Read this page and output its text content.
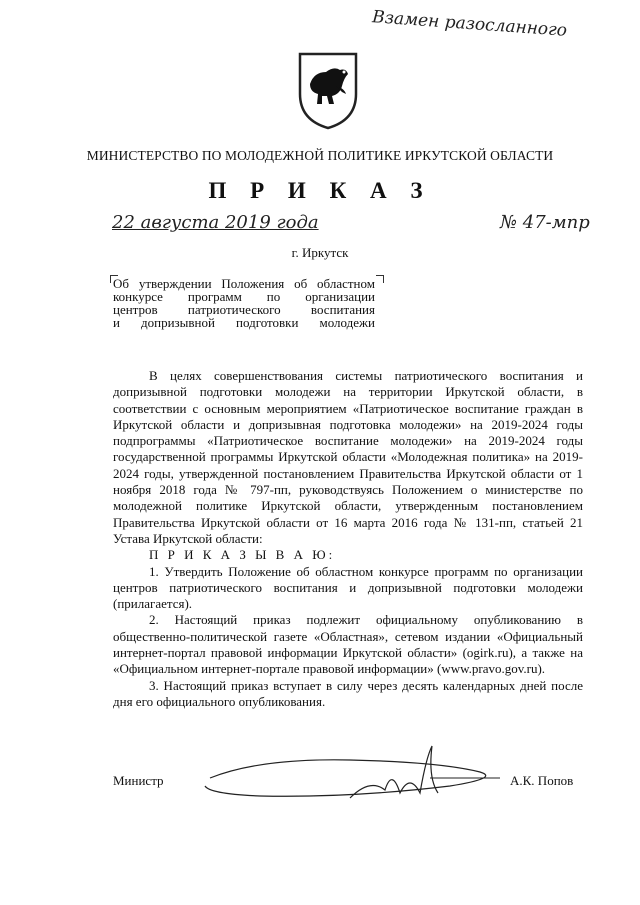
Взамен разосланного
МИНИСТЕРСТВО ПО МОЛОДЕЖНОЙ ПОЛИТИКЕ ИРКУТСКОЙ ОБЛАСТИ
П Р И К А З
22 августа 2019 года	№ 47-мпр
г. Иркутск
Об утверждении Положения об областном
конкурсе программ по организации
центров патриотического воспитания
и допризывной подготовки молодежи

В целях совершенствования системы патриотического воспитания и допризывной подготовки молодежи на территории Иркутской области, в соответствии с основным мероприятием «Патриотическое воспитание граждан в Иркутской области и допризывная подготовка молодежи» на 2019-2024 годы подпрограммы «Патриотическое воспитание молодежи» на 2019-2024 годы государственной программы Иркутской области «Молодежная политика» на 2019-2024 годы, утвержденной постановлением Правительства Иркутской области от 1 ноября 2018 года № 797-пп, руководствуясь Положением о министерстве по молодежной политике Иркутской области, утвержденным постановлением Правительства Иркутской области от 16 марта 2016 года № 131-пп, статьей 21 Устава Иркутской области:

П Р И К А З Ы В А Ю:

1. Утвердить Положение об областном конкурсе программ по организации центров патриотического воспитания и допризывной подготовки молодежи (прилагается).

2. Настоящий приказ подлежит официальному опубликованию в общественно-политической газете «Областная», сетевом издании «Официальный интернет-портал правовой информации Иркутской области» (ogirk.ru), а также на «Официальном интернет-портале правовой информации» (www.pravo.gov.ru).

3. Настоящий приказ вступает в силу через десять календарных дней после дня его официального опубликования.

Министр	А.К. Попов
